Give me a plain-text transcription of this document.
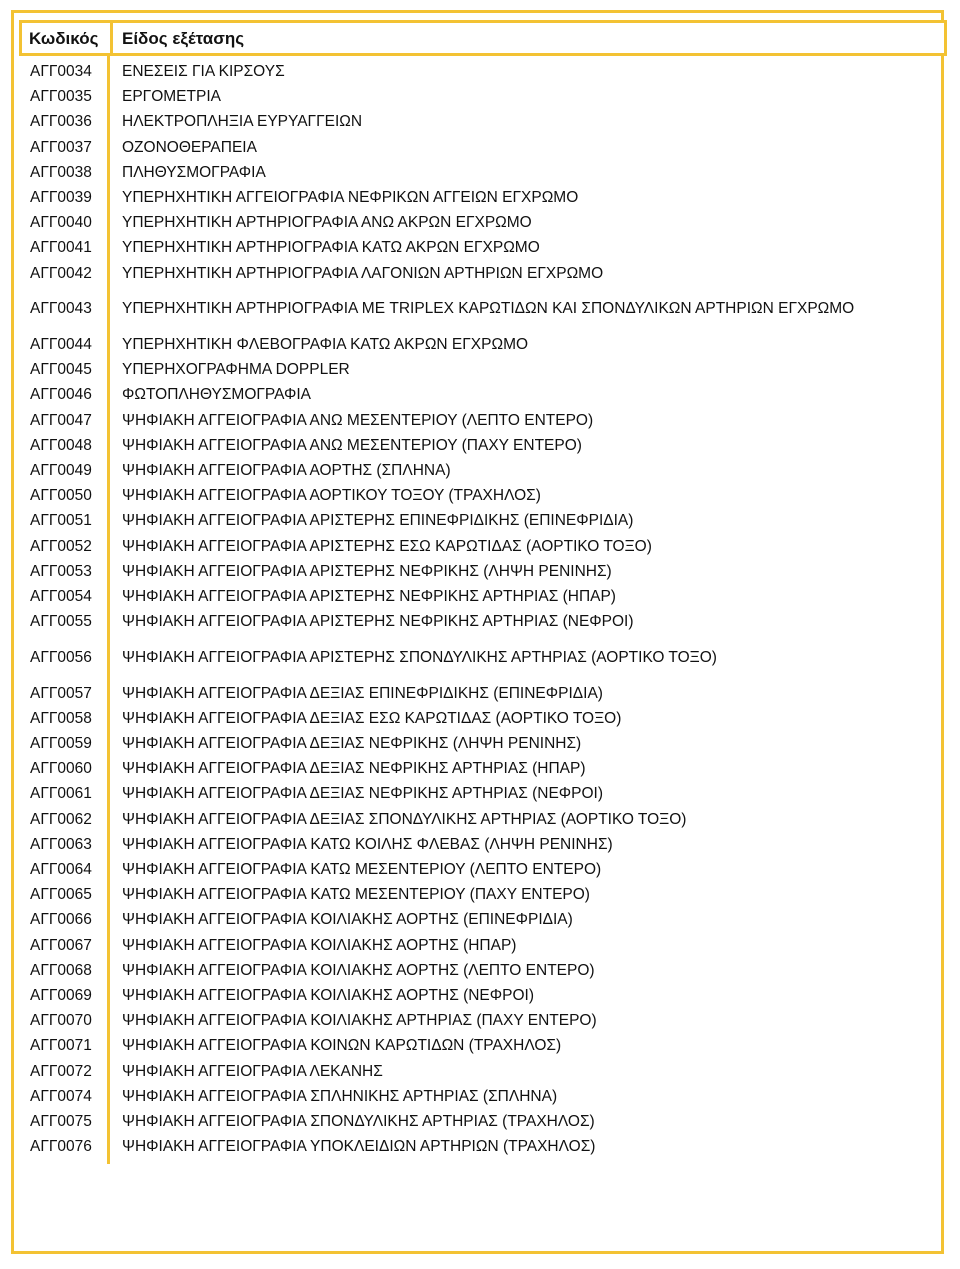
Κωδικός Είδος εξέτασης
ΑΓΓ0034 ΕΝΕΣΕΙΣ ΓΙΑ ΚΙΡΣΟΥΣ
ΑΓΓ0035 ΕΡΓΟΜΕΤΡΙΑ
ΑΓΓ0036 ΗΛΕΚΤΡΟΠΛΗΞΙΑ ΕΥΡΥΑΓΓΕΙΩΝ
ΑΓΓ0037 ΟΖΟΝΟΘΕΡΑΠΕΙΑ
ΑΓΓ0038 ΠΛΗΘΥΣΜΟΓΡΑΦΙΑ
ΑΓΓ0039 ΥΠΕΡΗΧΗΤΙΚΗ ΑΓΓΕΙΟΓΡΑΦΙΑ ΝΕΦΡΙΚΩΝ ΑΓΓΕΙΩΝ ΕΓΧΡΩΜΟ
ΑΓΓ0040 ΥΠΕΡΗΧΗΤΙΚΗ ΑΡΤΗΡΙΟΓΡΑΦΙΑ ΑΝΩ ΑΚΡΩΝ ΕΓΧΡΩΜΟ
ΑΓΓ0041 ΥΠΕΡΗΧΗΤΙΚΗ ΑΡΤΗΡΙΟΓΡΑΦΙΑ ΚΑΤΩ ΑΚΡΩΝ ΕΓΧΡΩΜΟ
ΑΓΓ0042 ΥΠΕΡΗΧΗΤΙΚΗ ΑΡΤΗΡΙΟΓΡΑΦΙΑ ΛΑΓΟΝΙΩΝ ΑΡΤΗΡΙΩΝ ΕΓΧΡΩΜΟ
ΑΓΓ0043 ΥΠΕΡΗΧΗΤΙΚΗ ΑΡΤΗΡΙΟΓΡΑΦΙΑ ΜΕ TRIPLEX ΚΑΡΩΤΙΔΩΝ ΚΑΙ ΣΠΟΝΔΥΛΙΚΩΝ ΑΡΤΗΡΙΩΝ ΕΓΧΡΩΜΟ
ΑΓΓ0044 ΥΠΕΡΗΧΗΤΙΚΗ ΦΛΕΒΟΓΡΑΦΙΑ ΚΑΤΩ ΑΚΡΩΝ ΕΓΧΡΩΜΟ
ΑΓΓ0045 ΥΠΕΡΗΧΟΓΡΑΦΗΜΑ DOPPLER
ΑΓΓ0046 ΦΩΤΟΠΛΗΘΥΣΜΟΓΡΑΦΙΑ
ΑΓΓ0047 ΨΗΦΙΑΚΗ ΑΓΓΕΙΟΓΡΑΦΙΑ ΑΝΩ ΜΕΣΕΝΤΕΡΙΟΥ (ΛΕΠΤΟ ΕΝΤΕΡΟ)
ΑΓΓ0048 ΨΗΦΙΑΚΗ ΑΓΓΕΙΟΓΡΑΦΙΑ ΑΝΩ ΜΕΣΕΝΤΕΡΙΟΥ (ΠΑΧΥ ΕΝΤΕΡΟ)
ΑΓΓ0049 ΨΗΦΙΑΚΗ ΑΓΓΕΙΟΓΡΑΦΙΑ ΑΟΡΤΗΣ (ΣΠΛΗΝΑ)
ΑΓΓ0050 ΨΗΦΙΑΚΗ ΑΓΓΕΙΟΓΡΑΦΙΑ ΑΟΡΤΙΚΟΥ ΤΟΞΟΥ (ΤΡΑΧΗΛΟΣ)
ΑΓΓ0051 ΨΗΦΙΑΚΗ ΑΓΓΕΙΟΓΡΑΦΙΑ ΑΡΙΣΤΕΡΗΣ ΕΠΙΝΕΦΡΙΔΙΚΗΣ (ΕΠΙΝΕΦΡΙΔΙΑ)
ΑΓΓ0052 ΨΗΦΙΑΚΗ ΑΓΓΕΙΟΓΡΑΦΙΑ ΑΡΙΣΤΕΡΗΣ ΕΣΩ ΚΑΡΩΤΙΔΑΣ (ΑΟΡΤΙΚΟ ΤΟΞΟ)
ΑΓΓ0053 ΨΗΦΙΑΚΗ ΑΓΓΕΙΟΓΡΑΦΙΑ ΑΡΙΣΤΕΡΗΣ ΝΕΦΡΙΚΗΣ (ΛΗΨΗ ΡΕΝΙΝΗΣ)
ΑΓΓ0054 ΨΗΦΙΑΚΗ ΑΓΓΕΙΟΓΡΑΦΙΑ ΑΡΙΣΤΕΡΗΣ ΝΕΦΡΙΚΗΣ ΑΡΤΗΡΙΑΣ (ΗΠΑΡ)
ΑΓΓ0055 ΨΗΦΙΑΚΗ ΑΓΓΕΙΟΓΡΑΦΙΑ ΑΡΙΣΤΕΡΗΣ ΝΕΦΡΙΚΗΣ ΑΡΤΗΡΙΑΣ (ΝΕΦΡΟΙ)
ΑΓΓ0056 ΨΗΦΙΑΚΗ ΑΓΓΕΙΟΓΡΑΦΙΑ ΑΡΙΣΤΕΡΗΣ ΣΠΟΝΔΥΛΙΚΗΣ ΑΡΤΗΡΙΑΣ (ΑΟΡΤΙΚΟ ΤΟΞΟ)
ΑΓΓ0057 ΨΗΦΙΑΚΗ ΑΓΓΕΙΟΓΡΑΦΙΑ ΔΕΞΙΑΣ ΕΠΙΝΕΦΡΙΔΙΚΗΣ (ΕΠΙΝΕΦΡΙΔΙΑ)
ΑΓΓ0058 ΨΗΦΙΑΚΗ ΑΓΓΕΙΟΓΡΑΦΙΑ ΔΕΞΙΑΣ ΕΣΩ ΚΑΡΩΤΙΔΑΣ (ΑΟΡΤΙΚΟ ΤΟΞΟ)
ΑΓΓ0059 ΨΗΦΙΑΚΗ ΑΓΓΕΙΟΓΡΑΦΙΑ ΔΕΞΙΑΣ ΝΕΦΡΙΚΗΣ (ΛΗΨΗ ΡΕΝΙΝΗΣ)
ΑΓΓ0060 ΨΗΦΙΑΚΗ ΑΓΓΕΙΟΓΡΑΦΙΑ ΔΕΞΙΑΣ ΝΕΦΡΙΚΗΣ ΑΡΤΗΡΙΑΣ (ΗΠΑΡ)
ΑΓΓ0061 ΨΗΦΙΑΚΗ ΑΓΓΕΙΟΓΡΑΦΙΑ ΔΕΞΙΑΣ ΝΕΦΡΙΚΗΣ ΑΡΤΗΡΙΑΣ (ΝΕΦΡΟΙ)
ΑΓΓ0062 ΨΗΦΙΑΚΗ ΑΓΓΕΙΟΓΡΑΦΙΑ ΔΕΞΙΑΣ ΣΠΟΝΔΥΛΙΚΗΣ ΑΡΤΗΡΙΑΣ (ΑΟΡΤΙΚΟ ΤΟΞΟ)
ΑΓΓ0063 ΨΗΦΙΑΚΗ ΑΓΓΕΙΟΓΡΑΦΙΑ ΚΑΤΩ ΚΟΙΛΗΣ ΦΛΕΒΑΣ (ΛΗΨΗ ΡΕΝΙΝΗΣ)
ΑΓΓ0064 ΨΗΦΙΑΚΗ ΑΓΓΕΙΟΓΡΑΦΙΑ ΚΑΤΩ ΜΕΣΕΝΤΕΡΙΟΥ (ΛΕΠΤΟ ΕΝΤΕΡΟ)
ΑΓΓ0065 ΨΗΦΙΑΚΗ ΑΓΓΕΙΟΓΡΑΦΙΑ ΚΑΤΩ ΜΕΣΕΝΤΕΡΙΟΥ (ΠΑΧΥ ΕΝΤΕΡΟ)
ΑΓΓ0066 ΨΗΦΙΑΚΗ ΑΓΓΕΙΟΓΡΑΦΙΑ ΚΟΙΛΙΑΚΗΣ ΑΟΡΤΗΣ (ΕΠΙΝΕΦΡΙΔΙΑ)
ΑΓΓ0067 ΨΗΦΙΑΚΗ ΑΓΓΕΙΟΓΡΑΦΙΑ ΚΟΙΛΙΑΚΗΣ ΑΟΡΤΗΣ (ΗΠΑΡ)
ΑΓΓ0068 ΨΗΦΙΑΚΗ ΑΓΓΕΙΟΓΡΑΦΙΑ ΚΟΙΛΙΑΚΗΣ ΑΟΡΤΗΣ (ΛΕΠΤΟ ΕΝΤΕΡΟ)
ΑΓΓ0069 ΨΗΦΙΑΚΗ ΑΓΓΕΙΟΓΡΑΦΙΑ ΚΟΙΛΙΑΚΗΣ ΑΟΡΤΗΣ (ΝΕΦΡΟΙ)
ΑΓΓ0070 ΨΗΦΙΑΚΗ ΑΓΓΕΙΟΓΡΑΦΙΑ ΚΟΙΛΙΑΚΗΣ ΑΡΤΗΡΙΑΣ (ΠΑΧΥ ΕΝΤΕΡΟ)
ΑΓΓ0071 ΨΗΦΙΑΚΗ ΑΓΓΕΙΟΓΡΑΦΙΑ ΚΟΙΝΩΝ ΚΑΡΩΤΙΔΩΝ (ΤΡΑΧΗΛΟΣ)
ΑΓΓ0072 ΨΗΦΙΑΚΗ ΑΓΓΕΙΟΓΡΑΦΙΑ ΛΕΚΑΝΗΣ
ΑΓΓ0074 ΨΗΦΙΑΚΗ ΑΓΓΕΙΟΓΡΑΦΙΑ ΣΠΛΗΝΙΚΗΣ ΑΡΤΗΡΙΑΣ (ΣΠΛΗΝΑ)
ΑΓΓ0075 ΨΗΦΙΑΚΗ ΑΓΓΕΙΟΓΡΑΦΙΑ ΣΠΟΝΔΥΛΙΚΗΣ ΑΡΤΗΡΙΑΣ (ΤΡΑΧΗΛΟΣ)
ΑΓΓ0076 ΨΗΦΙΑΚΗ ΑΓΓΕΙΟΓΡΑΦΙΑ ΥΠΟΚΛΕΙΔΙΩΝ ΑΡΤΗΡΙΩΝ (ΤΡΑΧΗΛΟΣ)
